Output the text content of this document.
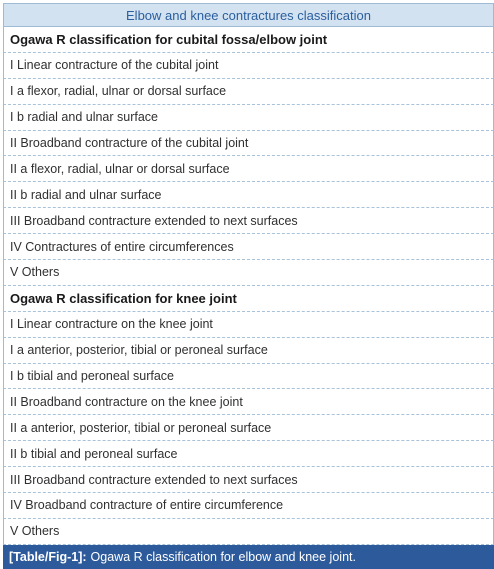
Elbow and knee contractures classification
Ogawa R classification for cubital fossa/elbow joint
I Linear contracture of the cubital joint
I a flexor, radial, ulnar or dorsal surface
I b radial and ulnar surface
II Broadband contracture of the cubital joint
II a flexor, radial, ulnar or dorsal surface
II b radial and ulnar surface
III Broadband contracture extended to next surfaces
IV Contractures of entire circumferences
V Others
Ogawa R classification for knee joint
I Linear contracture on the knee joint
I a anterior, posterior, tibial or peroneal surface
I b tibial and peroneal surface
II Broadband contracture on the knee joint
II a anterior, posterior, tibial or peroneal surface
II b tibial and peroneal surface
III Broadband contracture extended to next surfaces
IV Broadband contracture of entire circumference
V Others
[Table/Fig-1]: Ogawa R classification for elbow and knee joint.
